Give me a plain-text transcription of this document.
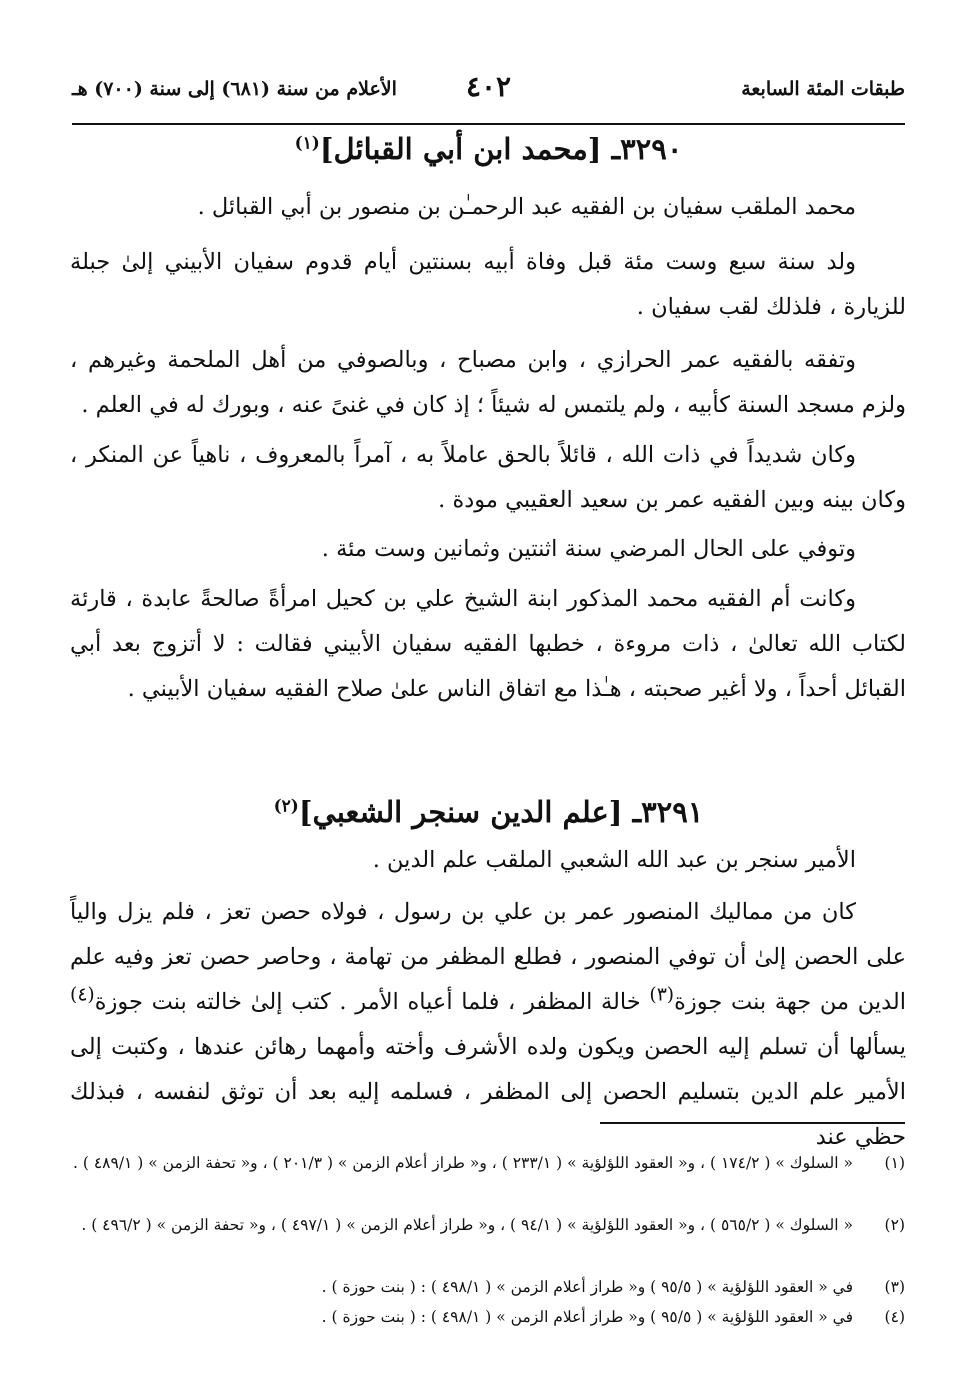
طبقات المئة السابعة
٤٠٢
الأعلام من سنة (٦٨١) إلى سنة (٧٠٠) هـ
٣٢٩٠ـ [محمد ابن أبي القبائل]$^{(١)}$
محمد الملقب سفيان بن الفقيه عبد الرحمـٰن بن منصور بن أبي القبائل .
ولد سنة سبع وست مئة قبل وفاة أبيه بسنتين أيام قدوم سفيان الأبيني إلىٰ جبلة للزيارة ، فلذلك لقب سفيان .
وتفقه بالفقيه عمر الحرازي ، وابن مصباح ، وبالصوفي من أهل الملحمة وغيرهم ، ولزم مسجد السنة كأبيه ، ولم يلتمس له شيئاً ؛ إذ كان في غنىً عنه ، وبورك له في العلم .
وكان شديداً في ذات الله ، قائلاً بالحق عاملاً به ، آمراً بالمعروف ، ناهياً عن المنكر ، وكان بينه وبين الفقيه عمر بن سعيد العقيبي مودة .
وتوفي على الحال المرضي سنة اثنتين وثمانين وست مئة .
وكانت أم الفقيه محمد المذكور ابنة الشيخ علي بن كحيل امرأةً صالحةً عابدة ، قارئة لكتاب الله تعالىٰ ، ذات مروءة ، خطبها الفقيه سفيان الأبيني فقالت : لا أتزوج بعد أبي القبائل أحداً ، ولا أغير صحبته ، هـٰذا مع اتفاق الناس علىٰ صلاح الفقيه سفيان الأبيني .
٣٢٩١ـ [علم الدين سنجر الشعبي]$^{(٢)}$
الأمير سنجر بن عبد الله الشعبي الملقب علم الدين .
كان من مماليك المنصور عمر بن علي بن رسول ، فولاه حصن تعز ، فلم يزل والياً على الحصن إلىٰ أن توفي المنصور ، فطلع المظفر من تهامة ، وحاصر حصن تعز وفيه علم الدين من جهة بنت جوزة$^{(٣)}$ خالة المظفر ، فلما أعياه الأمر . كتب إلىٰ خالته بنت جوزة$^{(٤)}$ يسألها أن تسلم إليه الحصن ويكون ولده الأشرف وأخته وأمهما رهائن عندها ، وكتبت إلى الأمير علم الدين بتسليم الحصن إلى المظفر ، فسلمه إليه بعد أن توثق لنفسه ، فبذلك حظي عند
(١)
« السلوك » ( ١٧٤/٢ ) ، و« العقود اللؤلؤية » ( ٢٣٣/١ ) ، و« طراز أعلام الزمن » ( ٢٠١/٣ ) ، و« تحفة الزمن » ( ٤٨٩/١ ) .
(٢)
« السلوك » ( ٥٦٥/٢ ) ، و« العقود اللؤلؤية » ( ٩٤/١ ) ، و« طراز أعلام الزمن » ( ٤٩٧/١ ) ، و« تحفة الزمن » ( ٤٩٦/٢ ) .
(٣)
في « العقود اللؤلؤية » ( ٩٥/٥ ) و« طراز أعلام الزمن » ( ٤٩٨/١ ) : ( بنت حوزة ) .
(٤)
في « العقود اللؤلؤية » ( ٩٥/٥ ) و« طراز أعلام الزمن » ( ٤٩٨/١ ) : ( بنت حوزة ) .
